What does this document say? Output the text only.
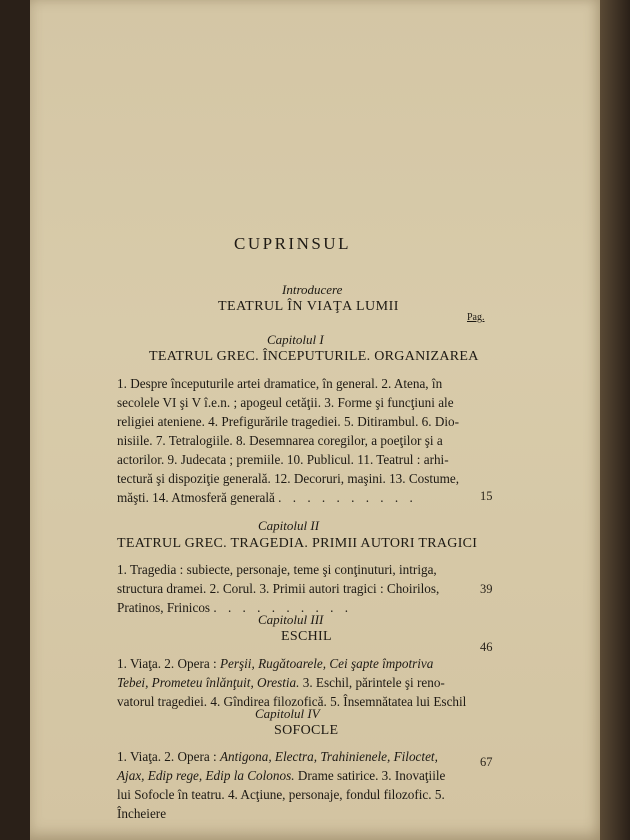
CUPRINSUL
Introducere
TEATRUL ÎN VIAŢA LUMII
Pag.
Capitolul I
TEATRUL GREC. ÎNCEPUTURILE. ORGANIZAREA
1. Despre începuturile artei dramatice, în general. 2. Atena, în
secolele VI şi V î.e.n. ; apogeul cetăţii. 3. Forme şi funcţiuni ale
religiei ateniene. 4. Prefigurările tragediei. 5. Ditirambul. 6. Dio-
nisiile. 7. Tetralogiile. 8. Desemnarea coregilor, a poeţilor şi a
actorilor. 9. Judecata ; premiile. 10. Publicul. 11. Teatrul : arhi-
tectură şi dispoziţie generală. 12. Decoruri, maşini. 13. Costume,
măşti. 14. Atmosferă generală . . . . . . . . . .	15
Capitolul II
TEATRUL GREC. TRAGEDIA. PRIMII AUTORI TRAGICI
1. Tragedia : subiecte, personaje, teme şi conţinuturi, intriga,
structura dramei. 2. Corul. 3. Primii autori tragici : Choirilos,
Pratinos, Frinicos . . . . . . . . . .
39
Capitolul III
ESCHIL
1. Viaţa. 2. Opera : Perşii, Rugătoarele, Cei şapte împotriva
Tebei, Prometeu înlănţuit, Orestia. 3. Eschil, părintele şi reno-
vatorul tragediei. 4. Gîndirea filozofică. 5. Însemnătatea lui Eschil
46
Capitolul IV
SOFOCLE
1. Viaţa. 2. Opera : Antigona, Electra, Trahinienele, Filoctet,
Ajax, Edip rege, Edip la Colonos. Drame satirice. 3. Inovaţiile
lui Sofocle în teatru. 4. Acţiune, personaje, fondul filozofic. 5.
Încheiere
67
